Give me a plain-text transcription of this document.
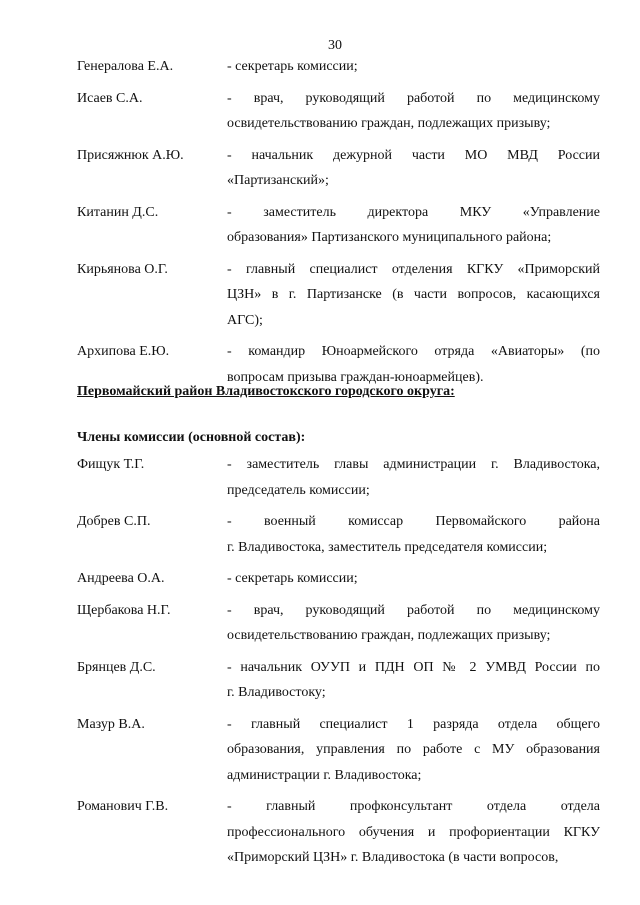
30
Генералова Е.А.	- секретарь комиссии;
Исаев С.А.	- врач, руководящий работой по медицинскому
освидетельствованию граждан, подлежащих призыву;
Присяжнюк А.Ю.	- начальник дежурной части МО МВД России
«Партизанский»;
Китанин Д.С.	- заместитель директора МКУ «Управление
образования» Партизанского муниципального района;
Кирьянова О.Г.	- главный специалист отделения КГКУ «Приморский
ЦЗН» в г. Партизанске (в части вопросов, касающихся
АГС);
Архипова Е.Ю.	- командир Юноармейского отряда «Авиаторы» (по
вопросам призыва граждан-юноармейцев).
Первомайский район Владивостокского городского округа:
Члены комиссии (основной состав):
Фищук Т.Г.	- заместитель главы администрации г. Владивостока,
председатель комиссии;
Добрев С.П.	- военный комиссар Первомайского района
г. Владивостока, заместитель председателя комиссии;
Андреева О.А.	- секретарь комиссии;
Щербакова Н.Г.	- врач, руководящий работой по медицинскому
освидетельствованию граждан, подлежащих призыву;
Брянцев Д.С.	- начальник ОУУП и ПДН ОП № 2 УМВД России по
г. Владивостоку;
Мазур В.А.	- главный специалист 1 разряда отдела общего
образования, управления по работе с МУ образования
администрации г. Владивостока;
Романович Г.В.	- главный профконсультант отдела отдела
профессионального обучения и профориентации КГКУ
«Приморский ЦЗН» г. Владивостока (в части вопросов,
